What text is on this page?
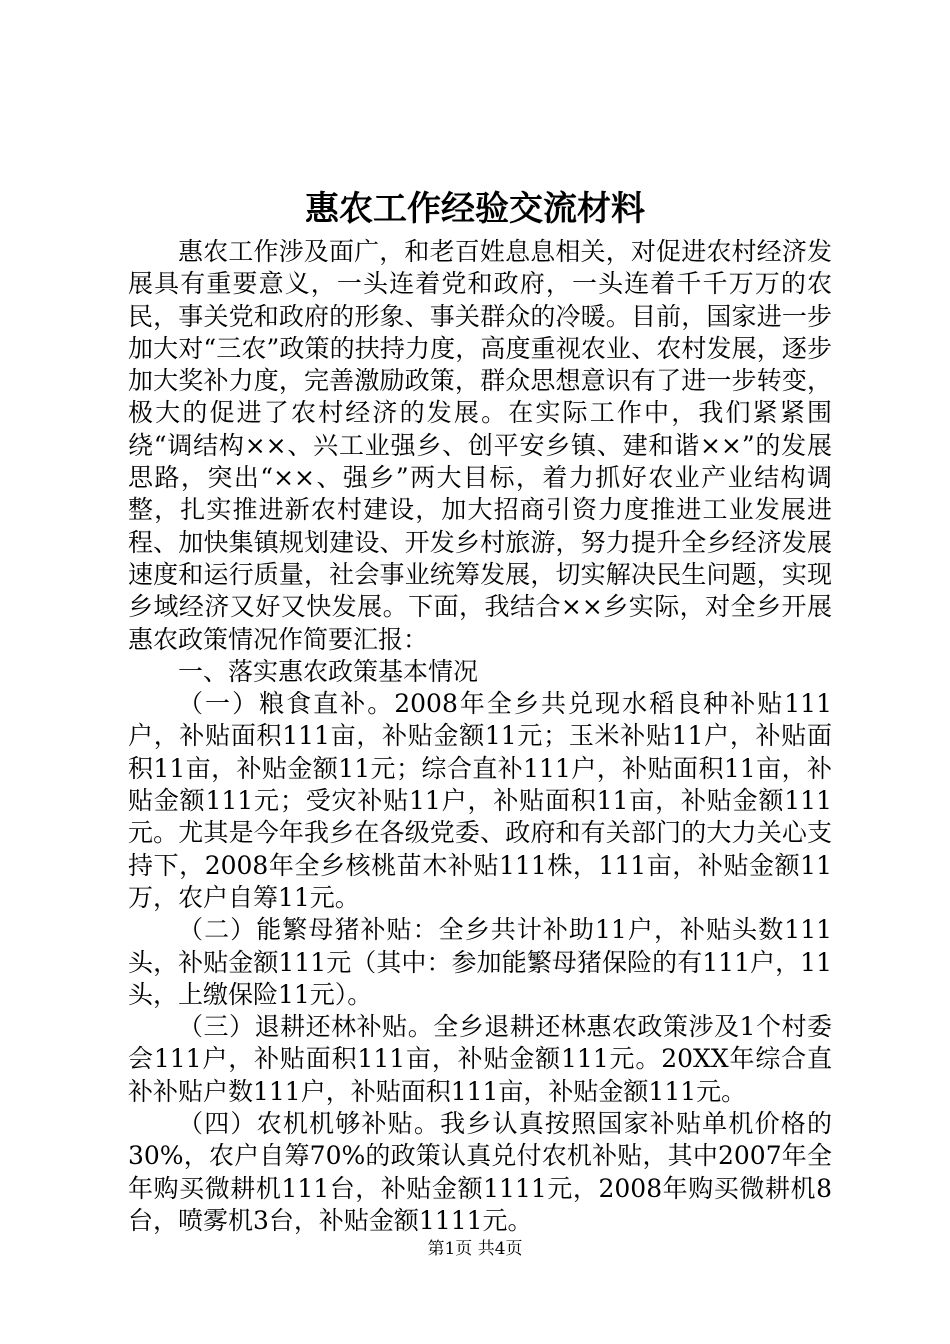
惠农工作经验交流材料

惠农工作涉及面广，和老百姓息息相关，对促进农村经济发展具有重要意义，一头连着党和政府，一头连着千千万万的农民，事关党和政府的形象、事关群众的冷暖。目前，国家进一步加大对“三农”政策的扶持力度，高度重视农业、农村发展，逐步加大奖补力度，完善激励政策，群众思想意识有了进一步转变，极大的促进了农村经济的发展。在实际工作中，我们紧紧围绕“调结构××、兴工业强乡、创平安乡镇、建和谐××”的发展思路，突出“××、强乡”两大目标，着力抓好农业产业结构调整，扎实推进新农村建设，加大招商引资力度推进工业发展进程、加快集镇规划建设、开发乡村旅游，努力提升全乡经济发展速度和运行质量，社会事业统筹发展，切实解决民生问题，实现乡域经济又好又快发展。下面，我结合××乡实际，对全乡开展惠农政策情况作简要汇报：

一、落实惠农政策基本情况

（一）粮食直补。2008年全乡共兑现水稻良种补贴111户，补贴面积111亩，补贴金额11元；玉米补贴11户，补贴面积11亩，补贴金额11元；综合直补111户，补贴面积11亩，补贴金额111元；受灾补贴11户，补贴面积11亩，补贴金额111元。尤其是今年我乡在各级党委、政府和有关部门的大力关心支持下，2008年全乡核桃苗木补贴111株，111亩，补贴金额11万，农户自筹11元。

（二）能繁母猪补贴：全乡共计补助11户，补贴头数111头，补贴金额111元（其中：参加能繁母猪保险的有111户，11头，上缴保险11元）。

（三）退耕还林补贴。全乡退耕还林惠农政策涉及1个村委会111户，补贴面积111亩，补贴金额111元。20XX年综合直补补贴户数111户，补贴面积111亩，补贴金额111元。

（四）农机机够补贴。我乡认真按照国家补贴单机价格的30%，农户自筹70%的政策认真兑付农机补贴，其中2007年全年购买微耕机111台，补贴金额1111元，2008年购买微耕机8台，喷雾机3台，补贴金额1111元。

第1页 共4页
